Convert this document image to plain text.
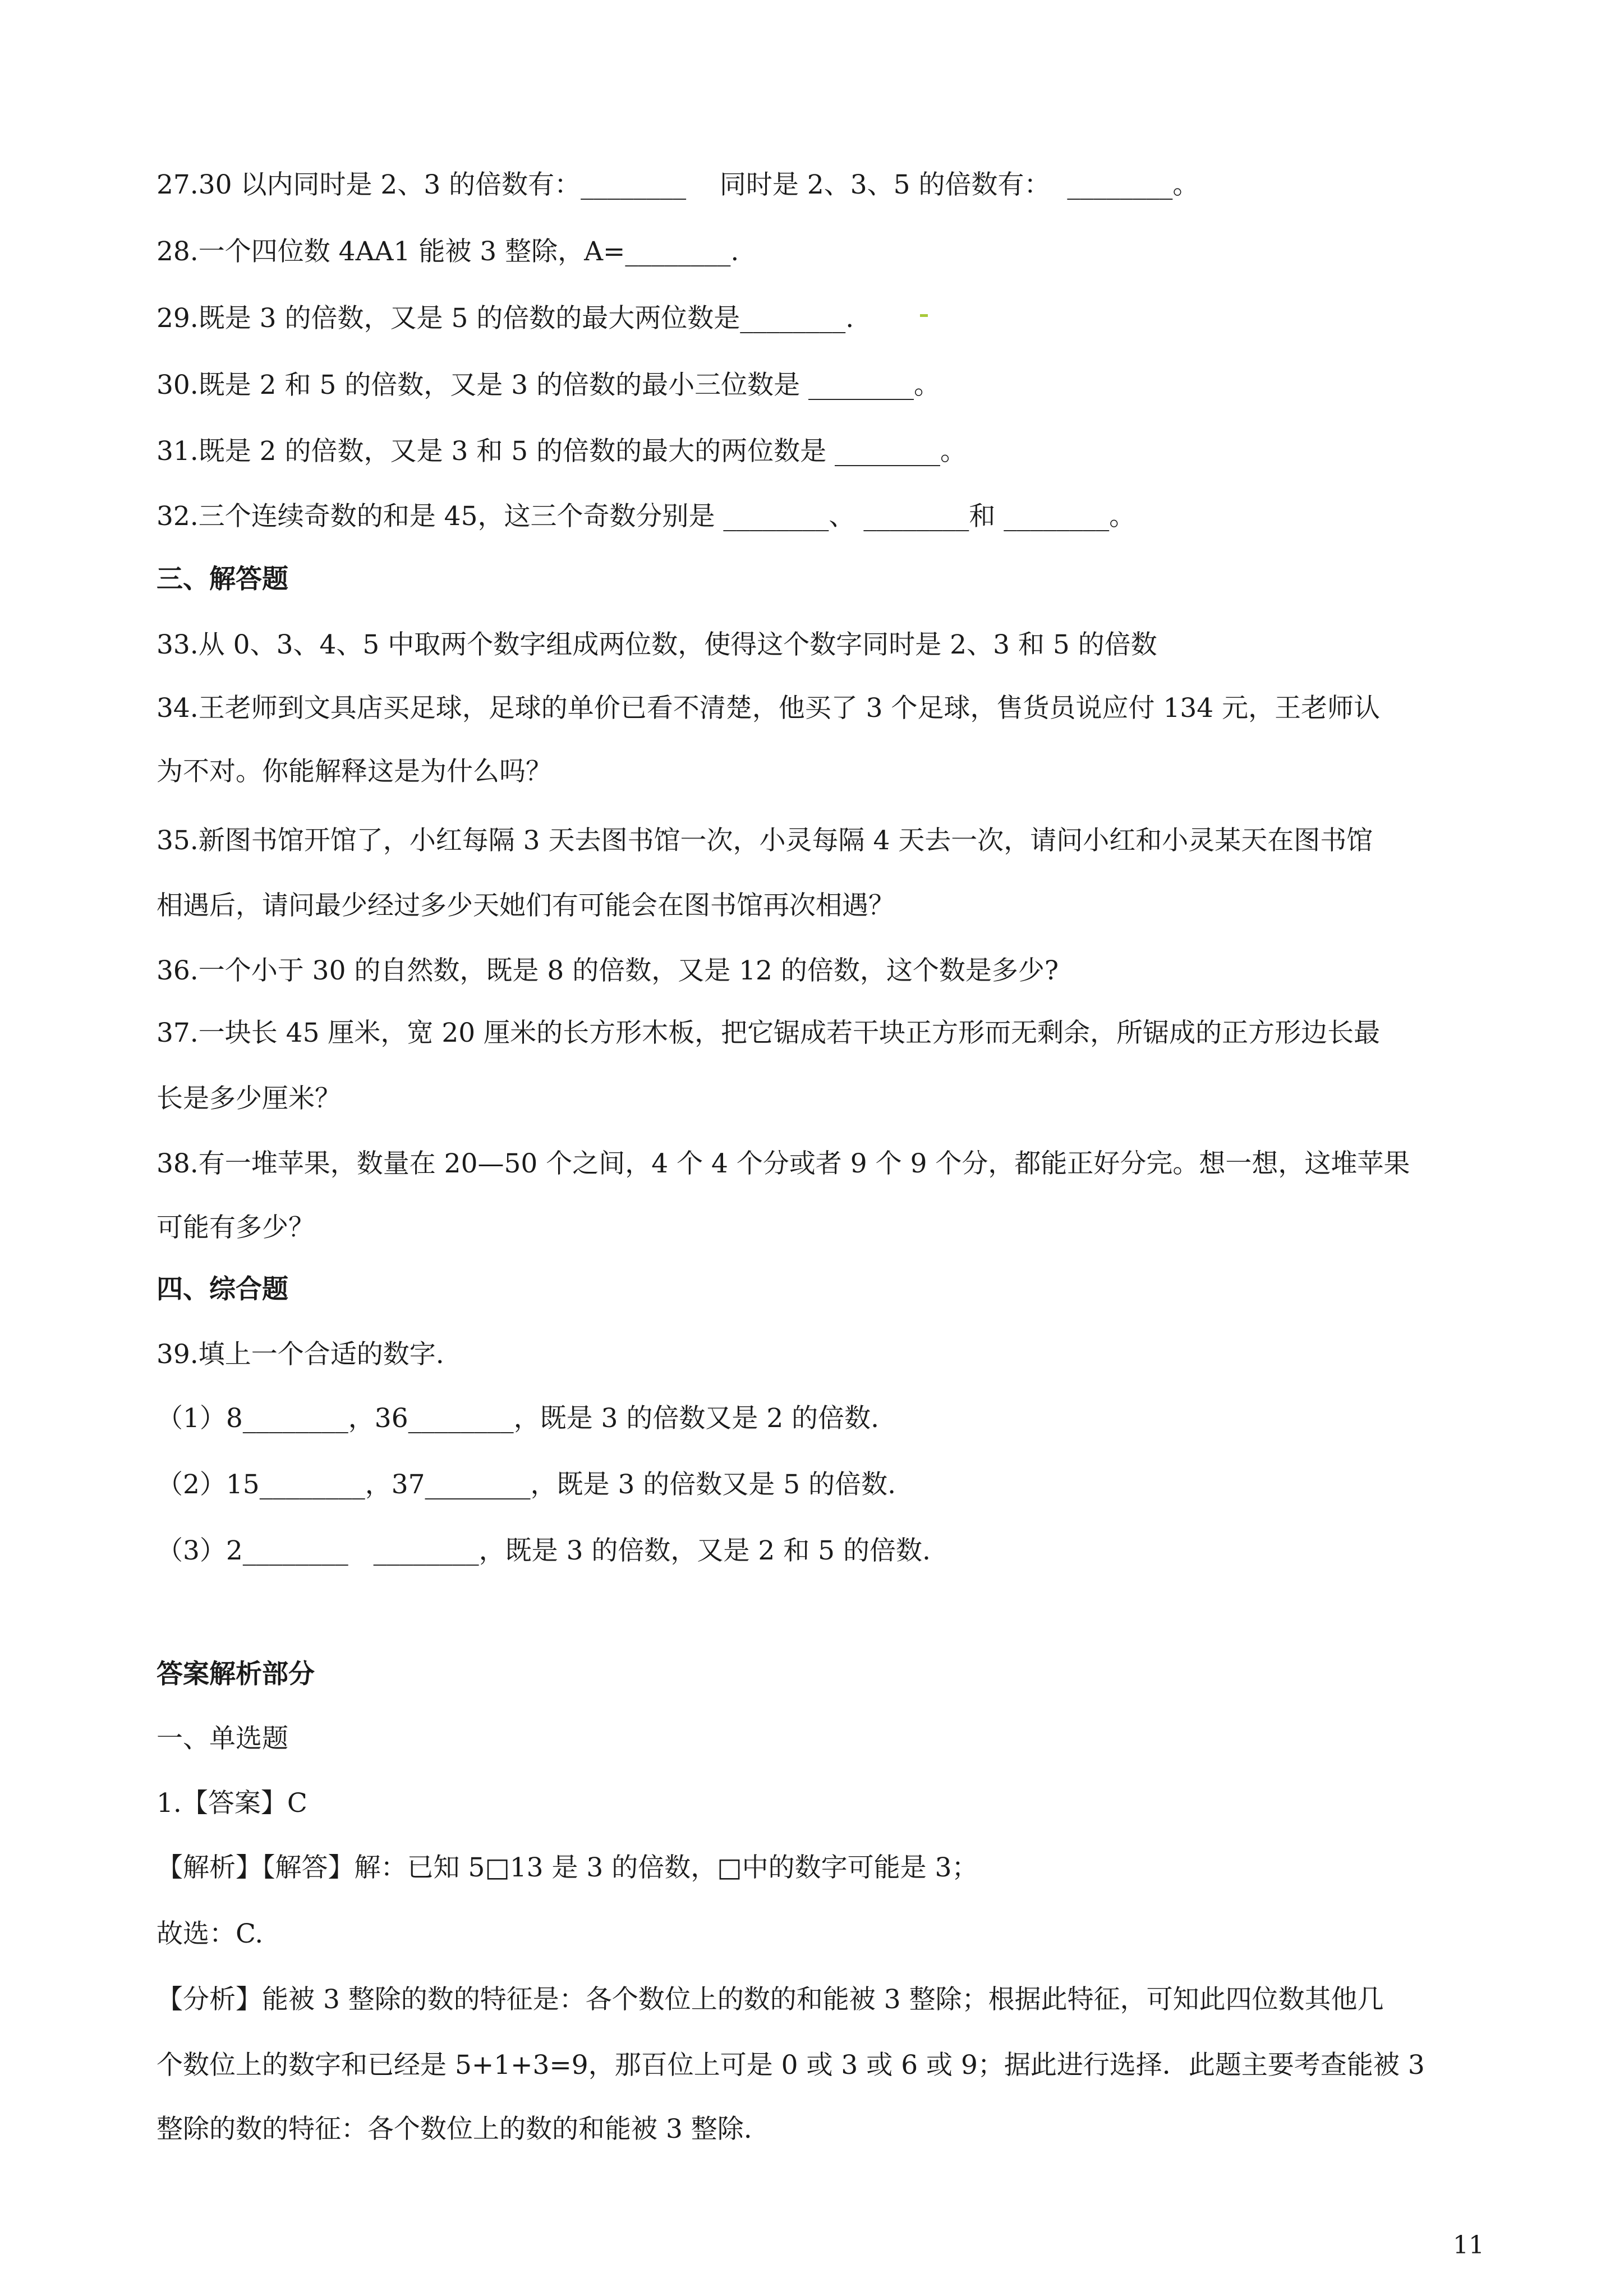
27.30 以内同时是 2、3 的倍数有：________    同时是 2、3、5 的倍数有：  ________。
28.一个四位数 4AA1 能被 3 整除，A=________.
29.既是 3 的倍数，又是 5 的倍数的最大两位数是________.
30.既是 2 和 5 的倍数，又是 3 的倍数的最小三位数是 ________。
31.既是 2 的倍数，又是 3 和 5 的倍数的最大的两位数是 ________。
32.三个连续奇数的和是 45，这三个奇数分别是 ________、 ________和 ________。
三、解答题
33.从 0、3、4、5 中取两个数字组成两位数，使得这个数字同时是 2、3 和 5 的倍数
34.王老师到文具店买足球，足球的单价已看不清楚，他买了 3 个足球，售货员说应付 134 元，王老师认
为不对。你能解释这是为什么吗？
35.新图书馆开馆了，小红每隔 3 天去图书馆一次，小灵每隔 4 天去一次，请问小红和小灵某天在图书馆
相遇后，请问最少经过多少天她们有可能会在图书馆再次相遇？
36.一个小于 30 的自然数，既是 8 的倍数，又是 12 的倍数，这个数是多少?
37.一块长 45 厘米，宽 20 厘米的长方形木板，把它锯成若干块正方形而无剩余，所锯成的正方形边长最
长是多少厘米？
38.有一堆苹果，数量在 20—50 个之间，4 个 4 个分或者 9 个 9 个分，都能正好分完。想一想，这堆苹果
可能有多少？
四、综合题
39.填上一个合适的数字.
（1）8________，36________，既是 3 的倍数又是 2 的倍数.
（2）15________，37________，既是 3 的倍数又是 5 的倍数.
（3）2________   ________，既是 3 的倍数，又是 2 和 5 的倍数.
答案解析部分
一、单选题
1.【答案】C
【解析】【解答】解：已知 5□13 是 3 的倍数，□中的数字可能是 3；
故选：C.
【分析】能被 3 整除的数的特征是：各个数位上的数的和能被 3 整除；根据此特征，可知此四位数其他几
个数位上的数字和已经是 5+1+3=9，那百位上可是 0 或 3 或 6 或 9；据此进行选择．此题主要考查能被 3
整除的数的特征：各个数位上的数的和能被 3 整除.
11
